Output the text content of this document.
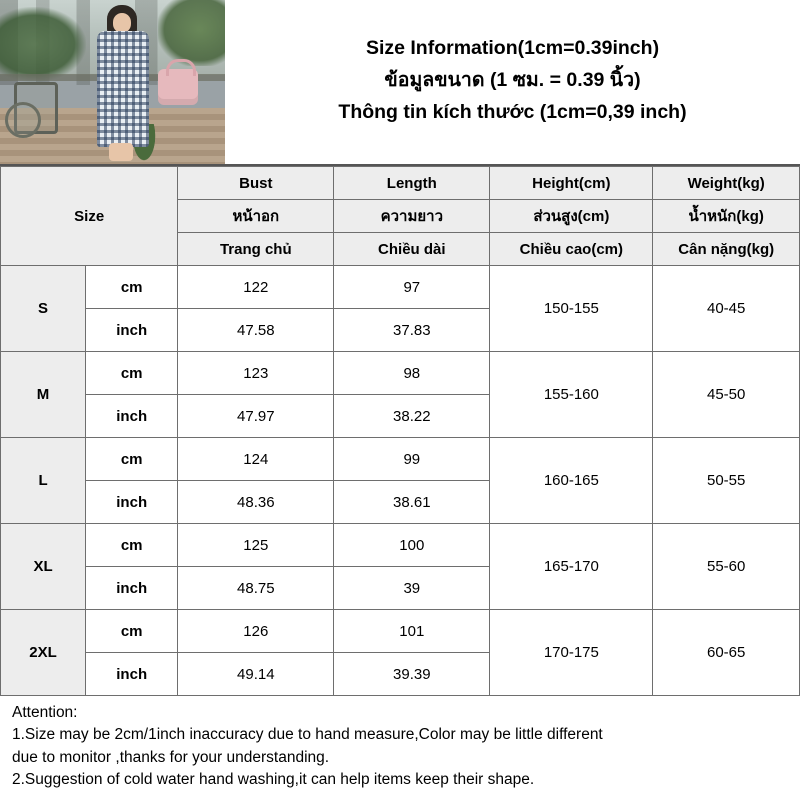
Size Information(1cm=0.39inch)
ข้อมูลขนาด (1 ซม. = 0.39 นิ้ว)
Thông tin kích thước (1cm=0,39 inch)
Size		Bust	Length	Height(cm)	Weight(kg)
		หน้าอก	ความยาว	ส่วนสูง(cm)	น้ำหนัก(kg)
		Trang chủ	Chiều dài	Chiều cao(cm)	Cân nặng(kg)
S	cm	122	97	150-155	40-45
	inch	47.58	37.83		
M	cm	123	98	155-160	45-50
	inch	47.97	38.22		
L	cm	124	99	160-165	50-55
	inch	48.36	38.61		
XL	cm	125	100	165-170	55-60
	inch	48.75	39		
2XL	cm	126	101	170-175	60-65
	inch	49.14	39.39		
Attention:
1.Size may be 2cm/1inch inaccuracy due to hand measure,Color may be little different
due to monitor ,thanks for your understanding.
2.Suggestion of cold water hand washing,it can help items keep their shape.
